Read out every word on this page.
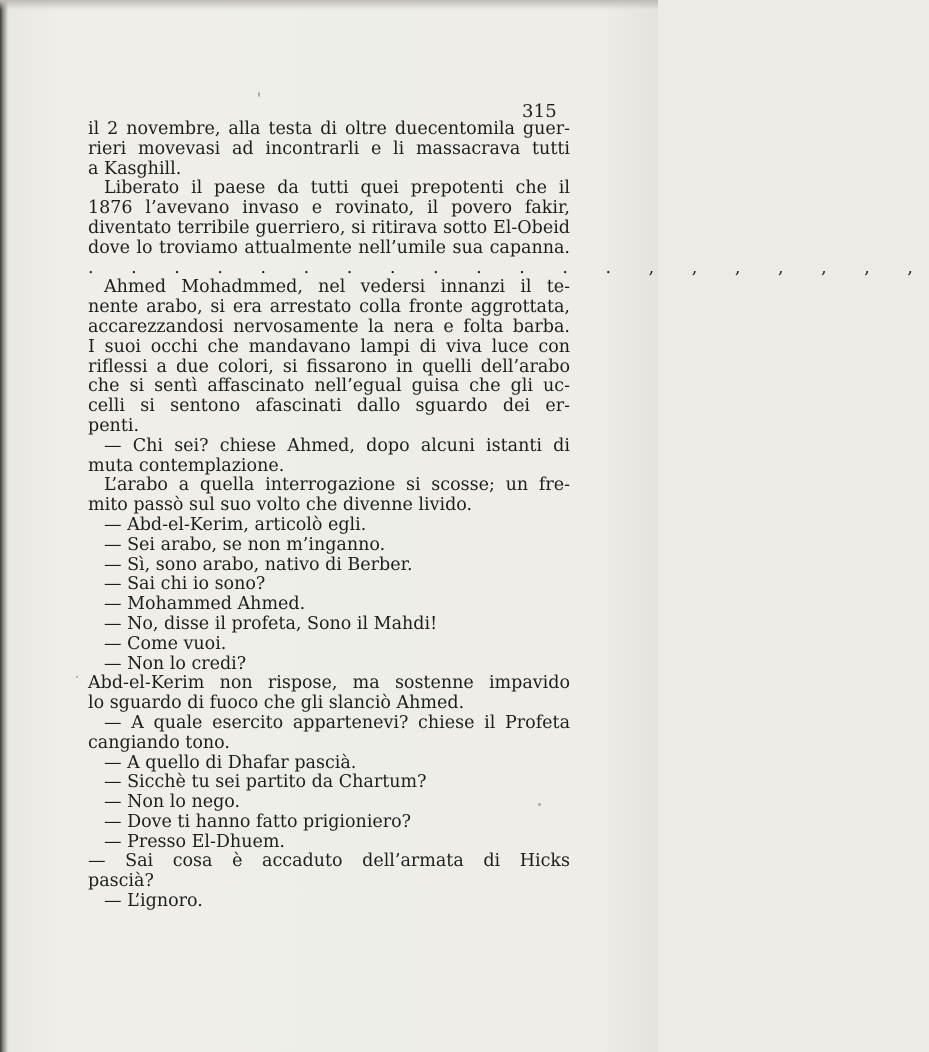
315
il 2 novembre, alla testa di oltre duecentomila guer-
rieri movevasi ad incontrarli e li massacrava tutti
a Kasghill.
Liberato il paese da tutti quei prepotenti che il
1876 l’avevano invaso e rovinato, il povero fakir,
diventato terribile guerriero, si ritirava sotto El-Obeid
dove lo troviamo attualmente nell’umile sua capanna.
. . . . . . . . . . . . . , , , , , , ,
Ahmed Mohadmmed, nel vedersi innanzi il te-
nente arabo, si era arrestato colla fronte aggrottata,
accarezzandosi nervosamente la nera e folta barba.
I suoi occhi che mandavano lampi di viva luce con
riflessi a due colori, si fissarono in quelli dell’arabo
che si sentì affascinato nell’egual guisa che gli uc-
celli si sentono afascinati dallo sguardo dei er-
penti.
— Chi sei? chiese Ahmed, dopo alcuni istanti di
muta contemplazione.
L’arabo a quella interrogazione si scosse; un fre-
mito passò sul suo volto che divenne livido.
— Abd-el-Kerim, articolò egli.
— Sei arabo, se non m’inganno.
— Sì, sono arabo, nativo di Berber.
— Sai chi io sono?
— Mohammed Ahmed.
— No, disse il profeta, Sono il Mahdi!
— Come vuoi.
— Non lo credi?
Abd-el-Kerim non rispose, ma sostenne impavido
lo sguardo di fuoco che gli slanciò Ahmed.
— A quale esercito appartenevi? chiese il Profeta
cangiando tono.
— A quello di Dhafar pascià.
— Sicchè tu sei partito da Chartum?
— Non lo nego.
— Dove ti hanno fatto prigioniero?
— Presso El-Dhuem.
— Sai cosa è accaduto dell’armata di Hicks
pascià?
— L’ignoro.
